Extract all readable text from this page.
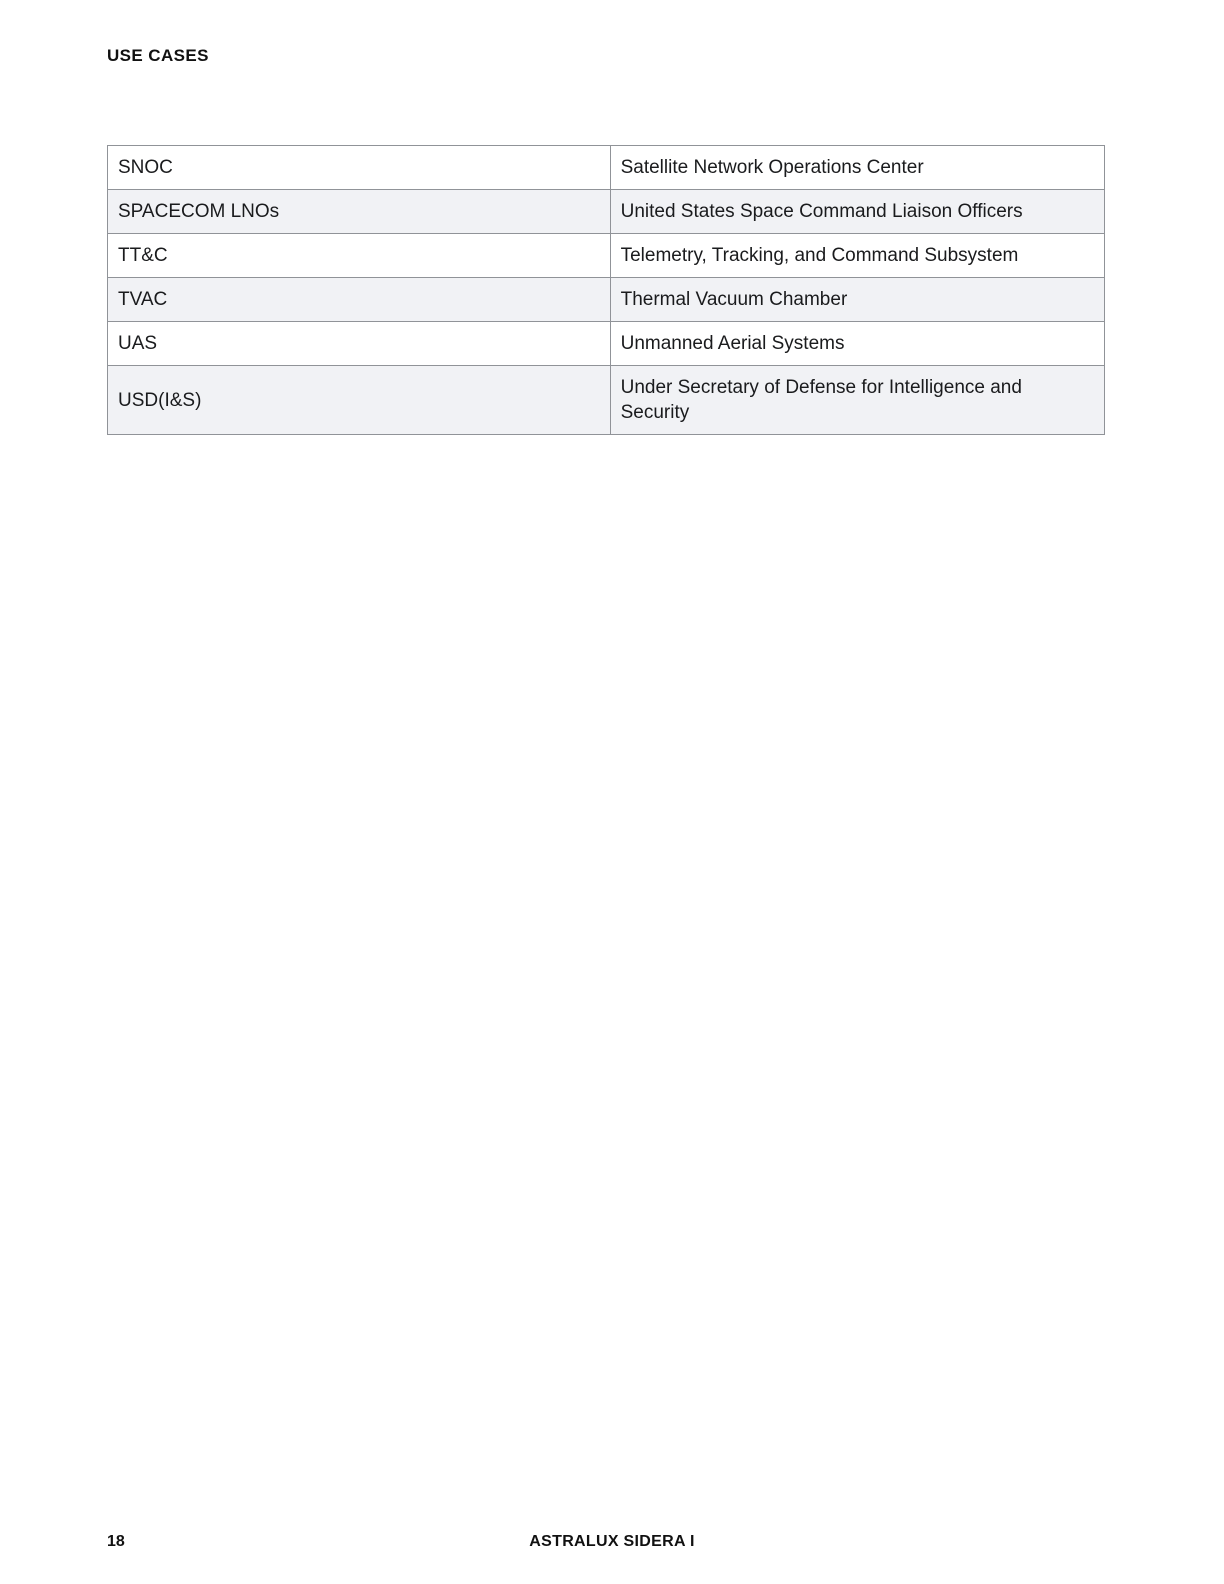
USE CASES
SNOC	Satellite Network Operations Center
SPACECOM LNOs	United States Space Command Liaison Officers
TT&C	Telemetry, Tracking, and Command Subsystem
TVAC	Thermal Vacuum Chamber
UAS	Unmanned Aerial Systems
USD(I&S)	Under Secretary of Defense for Intelligence and Security
18	ASTRALUX SIDERA I
